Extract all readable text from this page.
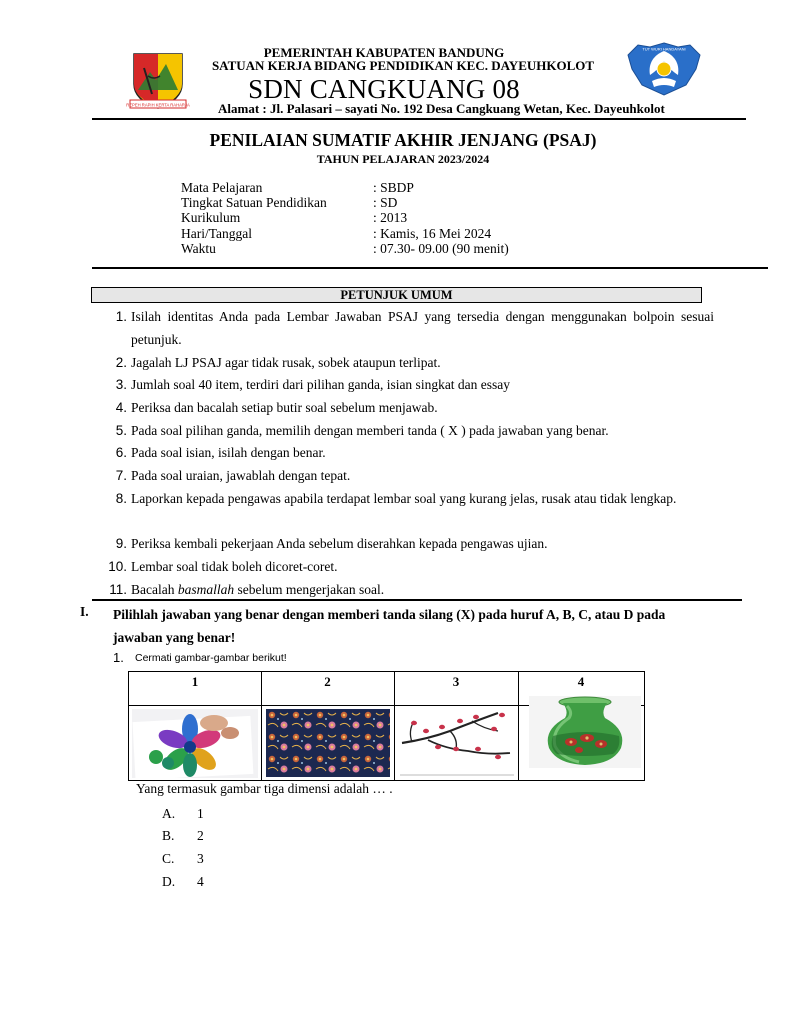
REPEH RAPIH KERTA RAHARJA
TUT WURI HANDAYANI
PEMERINTAH KABUPATEN BANDUNG
SATUAN KERJA BIDANG PENDIDIKAN KEC. DAYEUHKOLOT
SDN CANGKUANG 08
Alamat : Jl. Palasari – sayati No. 192 Desa Cangkuang Wetan, Kec. Dayeuhkolot
PENILAIAN SUMATIF AKHIR JENJANG (PSAJ)
TAHUN PELAJARAN 2023/2024
Mata Pelajaran	: SBDP
Tingkat Satuan Pendidikan	: SD
Kurikulum	: 2013
Hari/Tanggal	: Kamis, 16 Mei 2024
Waktu	: 07.30- 09.00 (90 menit)
PETUNJUK UMUM
1. Isilah identitas Anda pada Lembar Jawaban PSAJ yang tersedia dengan menggunakan bolpoin sesuai petunjuk.
2. Jagalah LJ PSAJ agar tidak rusak, sobek ataupun terlipat.
3. Jumlah soal 40 item, terdiri dari pilihan ganda, isian singkat dan essay
4. Periksa dan bacalah setiap butir soal sebelum menjawab.
5. Pada soal pilihan ganda, memilih dengan memberi tanda ( X ) pada jawaban yang benar.
6. Pada soal isian, isilah dengan benar.
7. Pada soal uraian, jawablah dengan tepat.
8. Laporkan kepada pengawas apabila terdapat lembar soal yang kurang jelas, rusak atau tidak lengkap.
9. Periksa kembali pekerjaan Anda sebelum diserahkan kepada pengawas ujian.
10. Lembar soal tidak boleh dicoret-coret.
11. Bacalah basmallah sebelum mengerjakan soal.
I. Pilihlah jawaban yang benar dengan memberi tanda silang (X) pada huruf A, B, C, atau D pada jawaban yang benar!
1. Cermati gambar-gambar berikut!
1	2	3	4
Yang termasuk gambar tiga dimensi adalah … .
A. 1
B. 2
C. 3
D. 4
